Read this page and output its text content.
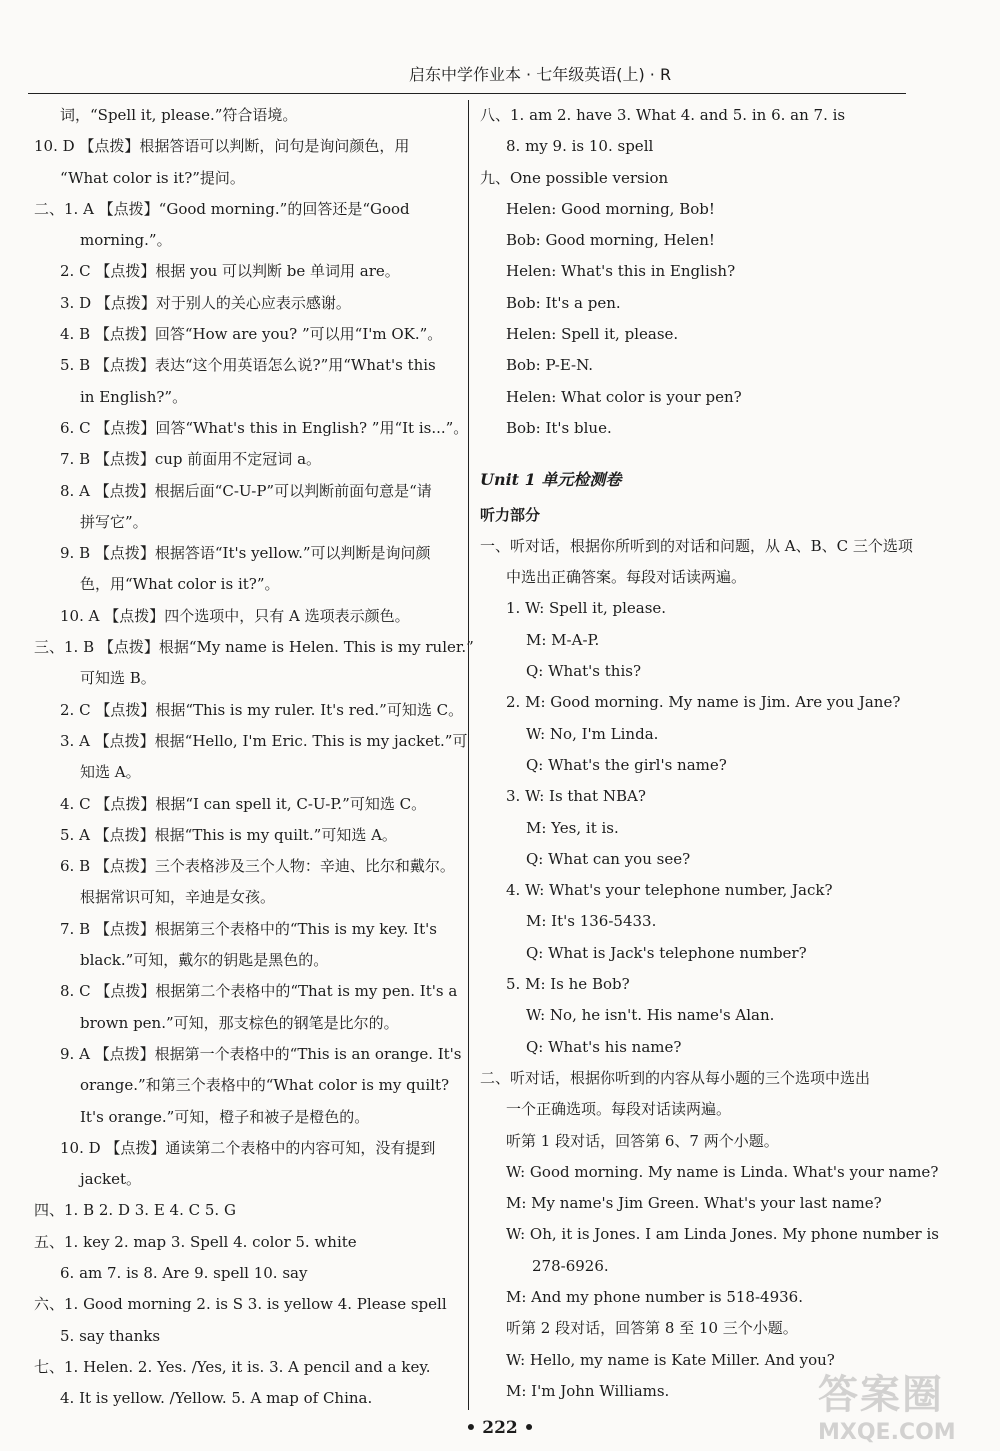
启东中学作业本 · 七年级英语(上) · R
词，“Spell it, please.”符合语境。
10. D 【点拨】根据答语可以判断，问句是询问颜色，用
“What color is it?”提问。
二、1. A 【点拨】“Good morning.”的回答还是“Good
morning.”。
2. C 【点拨】根据 you 可以判断 be 单词用 are。
3. D 【点拨】对于别人的关心应表示感谢。
4. B 【点拨】回答“How are you? ”可以用“I'm OK.”。
5. B 【点拨】表达“这个用英语怎么说?”用“What's this
in English?”。
6. C 【点拨】回答“What's this in English? ”用“It is...”。
7. B 【点拨】cup 前面用不定冠词 a。
8. A 【点拨】根据后面“C-U-P”可以判断前面句意是“请
拼写它”。
9. B 【点拨】根据答语“It's yellow.”可以判断是询问颜
色，用“What color is it?”。
10. A 【点拨】四个选项中，只有 A 选项表示颜色。
三、1. B 【点拨】根据“My name is Helen. This is my ruler.”
可知选 B。
2. C 【点拨】根据“This is my ruler. It's red.”可知选 C。
3. A 【点拨】根据“Hello, I'm Eric. This is my jacket.”可
知选 A。
4. C 【点拨】根据“I can spell it, C-U-P.”可知选 C。
5. A 【点拨】根据“This is my quilt.”可知选 A。
6. B 【点拨】三个表格涉及三个人物：辛迪、比尔和戴尔。
根据常识可知，辛迪是女孩。
7. B 【点拨】根据第三个表格中的“This is my key. It's
black.”可知，戴尔的钥匙是黑色的。
8. C 【点拨】根据第二个表格中的“That is my pen. It's a
brown pen.”可知，那支棕色的钢笔是比尔的。
9. A 【点拨】根据第一个表格中的“This is an orange. It's
orange.”和第三个表格中的“What color is my quilt?
It's orange.”可知，橙子和被子是橙色的。
10. D 【点拨】通读第二个表格中的内容可知，没有提到
jacket。
四、1. B 2. D 3. E 4. C 5. G
五、1. key 2. map 3. Spell 4. color 5. white
6. am 7. is 8. Are 9. spell 10. say
六、1. Good morning 2. is S 3. is yellow 4. Please spell
5. say thanks
七、1. Helen. 2. Yes. /Yes, it is. 3. A pencil and a key.
4. It is yellow. /Yellow. 5. A map of China.
八、1. am 2. have 3. What 4. and 5. in 6. an 7. is
8. my 9. is 10. spell
九、One possible version
Helen: Good morning, Bob!
Bob: Good morning, Helen!
Helen: What's this in English?
Bob: It's a pen.
Helen: Spell it, please.
Bob: P-E-N.
Helen: What color is your pen?
Bob: It's blue.
Unit 1 单元检测卷
听力部分
一、听对话，根据你所听到的对话和问题，从 A、B、C 三个选项
中选出正确答案。每段对话读两遍。
1. W: Spell it, please.
M: M-A-P.
Q: What's this?
2. M: Good morning. My name is Jim. Are you Jane?
W: No, I'm Linda.
Q: What's the girl's name?
3. W: Is that NBA?
M: Yes, it is.
Q: What can you see?
4. W: What's your telephone number, Jack?
M: It's 136-5433.
Q: What is Jack's telephone number?
5. M: Is he Bob?
W: No, he isn't. His name's Alan.
Q: What's his name?
二、听对话，根据你听到的内容从每小题的三个选项中选出
一个正确选项。每段对话读两遍。
听第 1 段对话，回答第 6、7 两个小题。
W: Good morning. My name is Linda. What's your name?
M: My name's Jim Green. What's your last name?
W: Oh, it is Jones. I am Linda Jones. My phone number is
278-6926.
M: And my phone number is 518-4936.
听第 2 段对话，回答第 8 至 10 三个小题。
W: Hello, my name is Kate Miller. And you?
M: I'm John Williams.
• 222 •
答案圈
MXQE.COM
